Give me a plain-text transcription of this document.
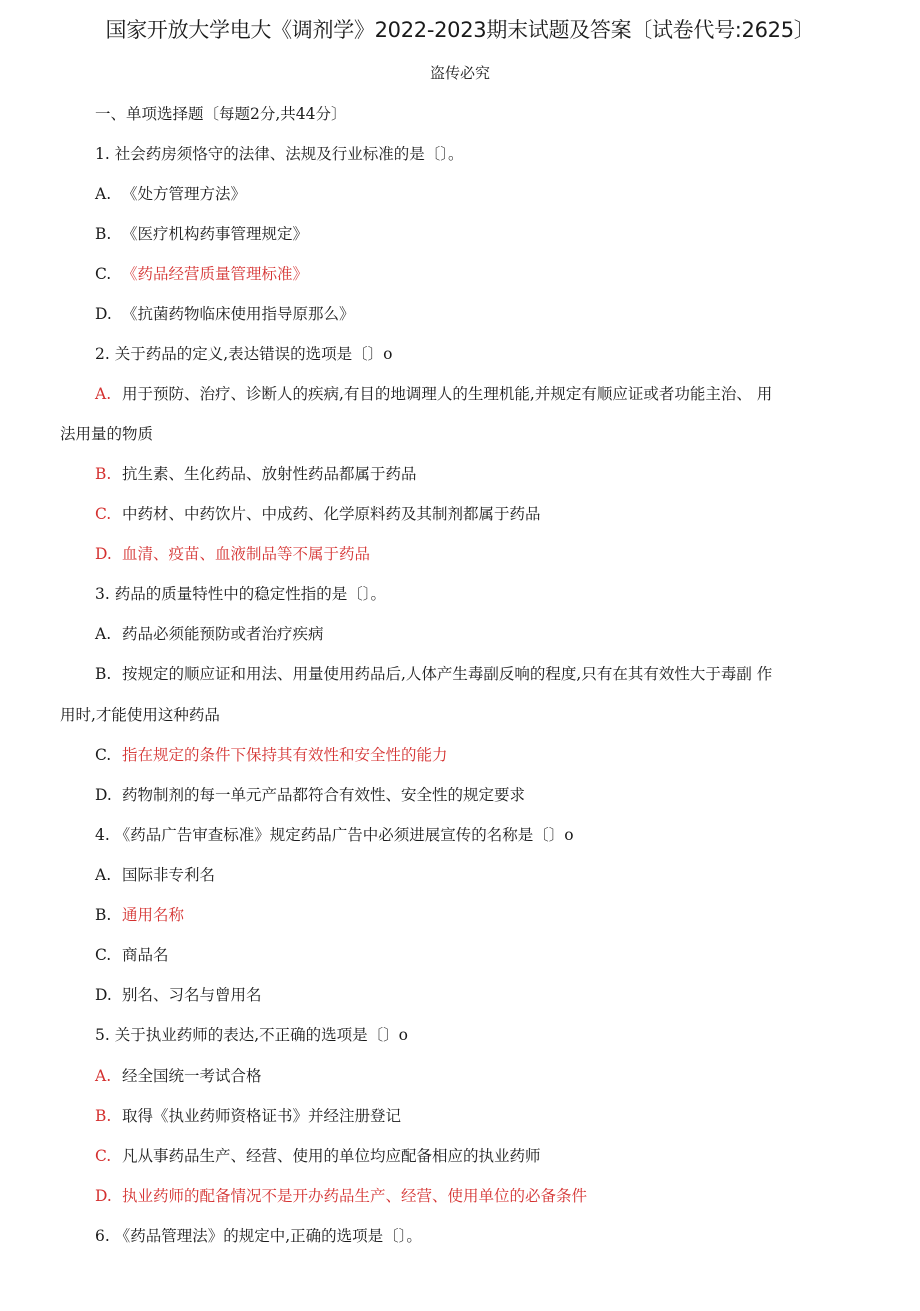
国家开放大学电大《调剂学》2022-2023期末试题及答案〔试卷代号:2625〕
盗传必究
一、单项选择题〔每题2分,共44分〕
1. 社会药房须恪守的法律、法规及行业标准的是〔〕。
A. 《处方管理方法》
B. 《医疗机构药事管理规定》
C. 《药品经营质量管理标准》
D. 《抗菌药物临床使用指导原那么》
2. 关于药品的定义,表达错误的选项是〔〕o
A. 用于预防、治疗、诊断人的疾病,有目的地调理人的生理机能,并规定有顺应证或者功能主治、 用
法用量的物质
B. 抗生素、生化药品、放射性药品都属于药品
C. 中药材、中药饮片、中成药、化学原料药及其制剂都属于药品
D. 血清、疫苗、血液制品等不属于药品
3. 药品的质量特性中的稳定性指的是〔〕。
A. 药品必须能预防或者治疗疾病
B. 按规定的顺应证和用法、用量使用药品后,人体产生毒副反响的程度,只有在其有效性大于毒副 作
用时,才能使用这种药品
C. 指在规定的条件下保持其有效性和安全性的能力
D. 药物制剂的每一单元产品都符合有效性、安全性的规定要求
4. 《药品广告审查标准》规定药品广告中必须进展宣传的名称是〔〕o
A. 国际非专利名
B. 通用名称
C. 商品名
D. 别名、习名与曾用名
5. 关于执业药师的表达,不正确的选项是〔〕o
A. 经全国统一考试合格
B. 取得《执业药师资格证书》并经注册登记
C. 凡从事药品生产、经营、使用的单位均应配备相应的执业药师
D. 执业药师的配备情况不是开办药品生产、经营、使用单位的必备条件
6. 《药品管理法》的规定中,正确的选项是〔〕。
